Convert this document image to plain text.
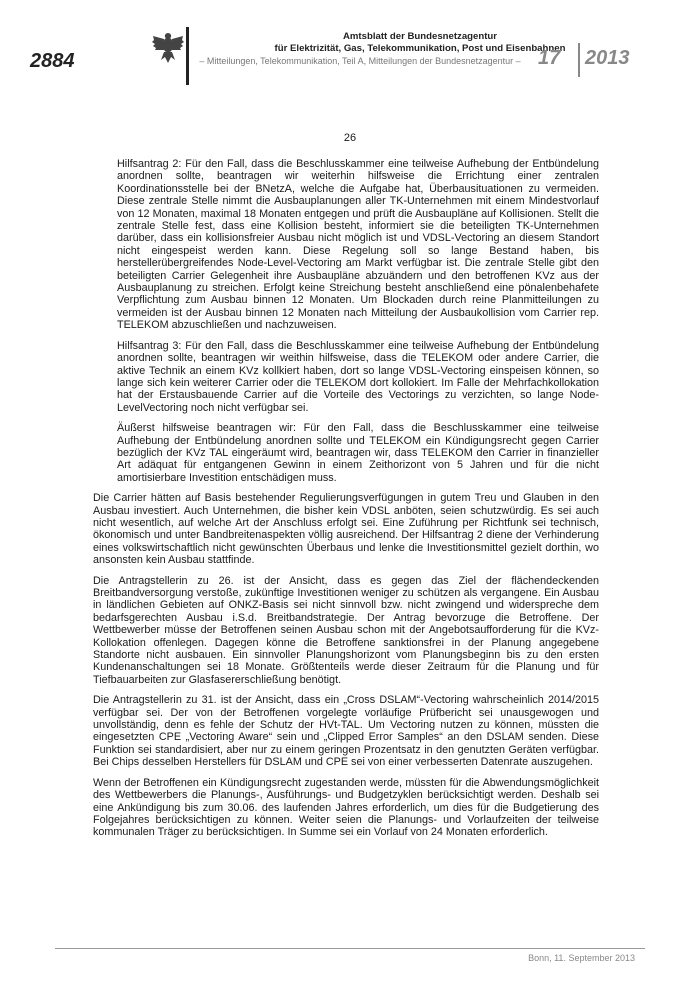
2884
Amtsblatt der Bundesnetzagentur
für Elektrizität, Gas, Telekommunikation, Post und Eisenbahnen
– Mitteilungen, Telekommunikation, Teil A, Mitteilungen der Bundesnetzagentur – 17 2013
26

Hilfsantrag 2: Für den Fall, dass die Beschlusskammer eine teilweise Aufhebung der Entbündelung anordnen sollte, beantragen wir weiterhin hilfsweise die Errichtung einer zentralen Koordinationsstelle bei der BNetzA, welche die Aufgabe hat, Überbausituationen zu vermeiden. Diese zentrale Stelle nimmt die Ausbauplanungen aller TK-Unternehmen mit einem Mindestvorlauf von 12 Monaten, maximal 18 Monaten entgegen und prüft die Ausbaupläne auf Kollisionen. Stellt die zentrale Stelle fest, dass eine Kollision besteht, informiert sie die beteiligten TK-Unternehmen darüber, dass ein kollisionsfreier Ausbau nicht möglich ist und VDSL-Vectoring an diesem Standort nicht eingespeist werden kann. Diese Regelung soll so lange Bestand haben, bis herstellerübergreifendes Node-Level-Vectoring am Markt verfügbar ist. Die zentrale Stelle gibt den beteiligten Carrier Gelegenheit ihre Ausbaupläne abzuändern und den betroffenen KVz aus der Ausbauplanung zu streichen. Erfolgt keine Streichung besteht anschließend eine pönalenbehafete Verpflichtung zum Ausbau binnen 12 Monaten. Um Blockaden durch reine Planmitteilungen zu vermeiden ist der Ausbau binnen 12 Monaten nach Mitteilung der Ausbaukollision vom Carrier rep. TELEKOM abzuschließen und nachzuweisen.

Hilfsantrag 3: Für den Fall, dass die Beschlusskammer eine teilweise Aufhebung der Entbündelung anordnen sollte, beantragen wir weithin hilfsweise, dass die TELEKOM oder andere Carrier, die aktive Technik an einem KVz kollkiert haben, dort so lange VDSL-Vectoring einspeisen können, so lange sich kein weiterer Carrier oder die TELEKOM dort kollokiert. Im Falle der Mehrfachkollokation hat der Erstausbauende Carrier auf die Vorteile des Vectorings zu verzichten, so lange Node-LevelVectoring noch nicht verfügbar sei.

Äußerst hilfsweise beantragen wir: Für den Fall, dass die Beschlusskammer eine teilweise Aufhebung der Entbündelung anordnen sollte und TELEKOM ein Kündigungsrecht gegen Carrier bezüglich der KVz TAL eingeräumt wird, beantragen wir, dass TELEKOM den Carrier in finanzieller Art adäquat für entgangenen Gewinn in einem Zeithorizont von 5 Jahren und für die nicht amortisierbare Investition entschädigen muss.

Die Carrier hätten auf Basis bestehender Regulierungsverfügungen in gutem Treu und Glauben in den Ausbau investiert. Auch Unternehmen, die bisher kein VDSL anböten, seien schutzwürdig. Es sei auch nicht wesentlich, auf welche Art der Anschluss erfolgt sei. Eine Zuführung per Richtfunk sei technisch, ökonomisch und unter Bandbreitenaspekten völlig ausreichend. Der Hilfsantrag 2 diene der Verhinderung eines volkswirtschaftlich nicht gewünschten Überbaus und lenke die Investitionsmittel gezielt dorthin, wo ansonsten kein Ausbau stattfinde.

Die Antragstellerin zu 26. ist der Ansicht, dass es gegen das Ziel der flächendeckenden Breitbandversorgung verstoße, zukünftige Investitionen weniger zu schützen als vergangene. Ein Ausbau in ländlichen Gebieten auf ONKZ-Basis sei nicht sinnvoll bzw. nicht zwingend und widerspreche dem bedarfsgerechten Ausbau i.S.d. Breitbandstrategie. Der Antrag bevorzuge die Betroffene. Der Wettbewerber müsse der Betroffenen seinen Ausbau schon mit der Angebotsaufforderung für die KVz-Kollokation offenlegen. Dagegen könne die Betroffene sanktionsfrei in der Planung angegebene Standorte nicht ausbauen. Ein sinnvoller Planungshorizont vom Planungsbeginn bis zu den ersten Kundenanschaltungen sei 18 Monate. Größtenteils werde dieser Zeitraum für die Planung und für Tiefbauarbeiten zur Glasfasererschließung benötigt.

Die Antragstellerin zu 31. ist der Ansicht, dass ein „Cross DSLAM“-Vectoring wahrscheinlich 2014/2015 verfügbar sei. Der von der Betroffenen vorgelegte vorläufige Prüfbericht sei unausgewogen und unvollständig, denn es fehle der Schutz der HVt-TAL. Um Vectoring nutzen zu können, müssten die eingesetzten CPE „Vectoring Aware“ sein und „Clipped Error Samples“ an den DSLAM senden. Diese Funktion sei standardisiert, aber nur zu einem geringen Prozentsatz in den genutzten Geräten verfügbar. Bei Chips desselben Herstellers für DSLAM und CPE sei von einer verbesserten Datenrate auszugehen.

Wenn der Betroffenen ein Kündigungsrecht zugestanden werde, müssten für die Abwendungsmöglichkeit des Wettbewerbers die Planungs-, Ausführungs- und Budgetzyklen berücksichtigt werden. Deshalb sei eine Ankündigung bis zum 30.06. des laufenden Jahres erforderlich, um dies für die Budgetierung des Folgejahres berücksichtigen zu können. Weiter seien die Planungs- und Vorlaufzeiten der teilweise kommunalen Träger zu berücksichtigen. In Summe sei ein Vorlauf von 24 Monaten erforderlich.

Bonn, 11. September 2013
